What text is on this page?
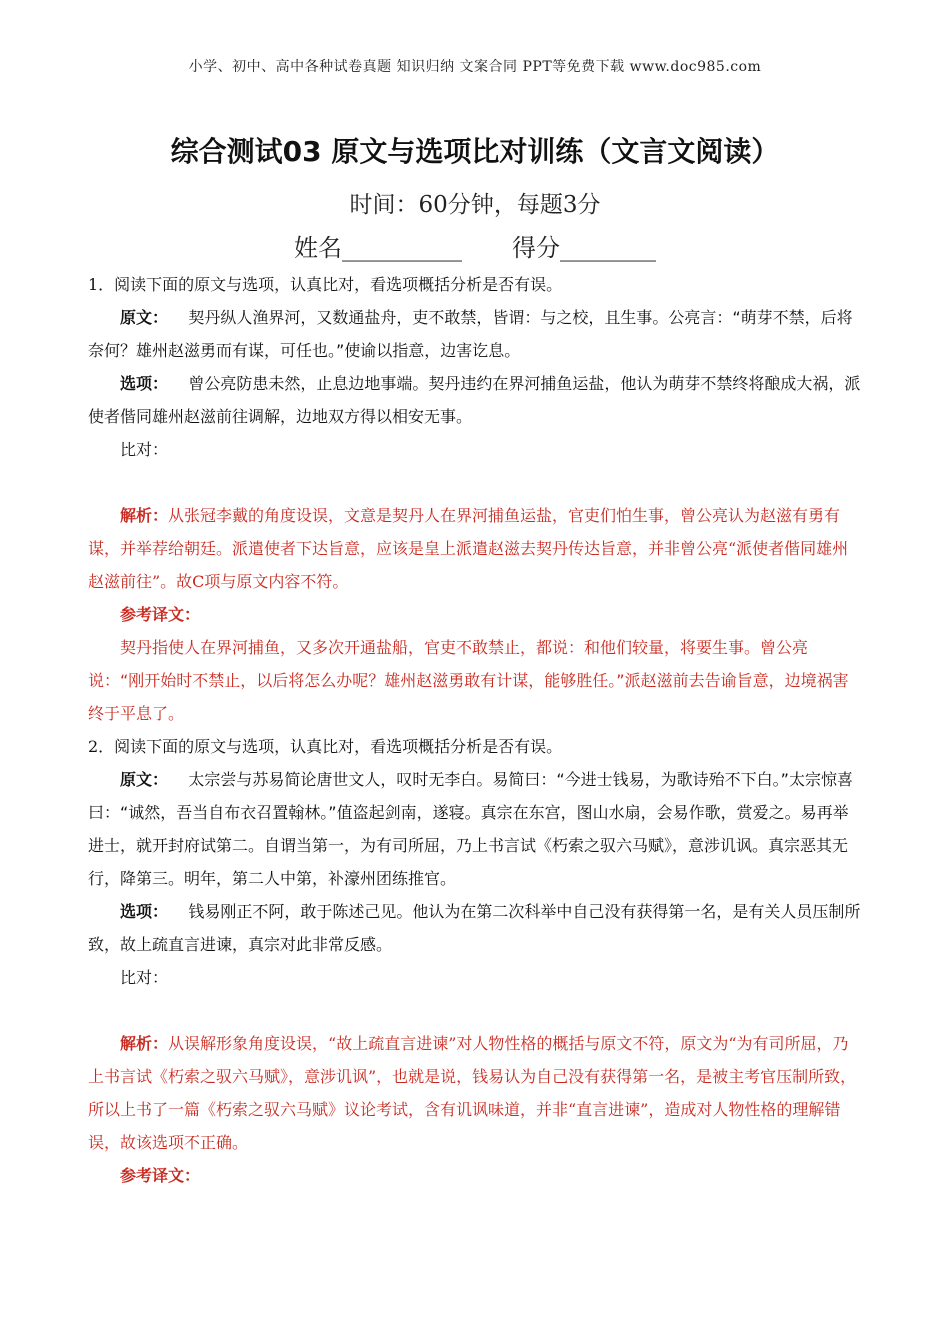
小学、初中、高中各种试卷真题 知识归纳 文案合同 PPT等免费下载 www.doc985.com
综合测试03 原文与选项比对训练（文言文阅读）
时间：60分钟，每题3分
姓名__________ 得分________

1．阅读下面的原文与选项，认真比对，看选项概括分析是否有误。

原文： 契丹纵人渔界河，又数通盐舟，吏不敢禁，皆谓：与之校，且生事。公亮言：“萌芽不禁，后将奈何？雄州赵滋勇而有谋，可任也。”使谕以指意，边害讫息。

选项： 曾公亮防患未然，止息边地事端。契丹违约在界河捕鱼运盐，他认为萌芽不禁终将酿成大祸，派使者偕同雄州赵滋前往调解，边地双方得以相安无事。

比对：

解析：从张冠李戴的角度设误，文意是契丹人在界河捕鱼运盐，官吏们怕生事，曾公亮认为赵滋有勇有谋，并举荐给朝廷。派遣使者下达旨意，应该是皇上派遣赵滋去契丹传达旨意，并非曾公亮“派使者偕同雄州赵滋前往”。故C项与原文内容不符。

参考译文：

契丹指使人在界河捕鱼，又多次开通盐船，官吏不敢禁止，都说：和他们较量，将要生事。曾公亮说：“刚开始时不禁止，以后将怎么办呢？雄州赵滋勇敢有计谋，能够胜任。”派赵滋前去告谕旨意，边境祸害终于平息了。

2．阅读下面的原文与选项，认真比对，看选项概括分析是否有误。

原文： 太宗尝与苏易简论唐世文人，叹时无李白。易简曰：“今进士钱易，为歌诗殆不下白。”太宗惊喜曰：“诚然，吾当自布衣召置翰林。”值盗起剑南，遂寝。真宗在东宫，图山水扇，会易作歌，赏爱之。易再举进士，就开封府试第二。自谓当第一，为有司所屈，乃上书言试《朽索之驭六马赋》，意涉讥讽。真宗恶其无行，降第三。明年，第二人中第，补濠州团练推官。

选项： 钱易刚正不阿，敢于陈述己见。他认为在第二次科举中自己没有获得第一名，是有关人员压制所致，故上疏直言进谏，真宗对此非常反感。

比对：

解析：从误解形象角度设误，“故上疏直言进谏”对人物性格的概括与原文不符，原文为“为有司所屈，乃上书言试《朽索之驭六马赋》，意涉讥讽”，也就是说，钱易认为自己没有获得第一名，是被主考官压制所致，所以上书了一篇《朽索之驭六马赋》议论考试，含有讥讽味道，并非“直言进谏”，造成对人物性格的理解错误，故该选项不正确。

参考译文：
